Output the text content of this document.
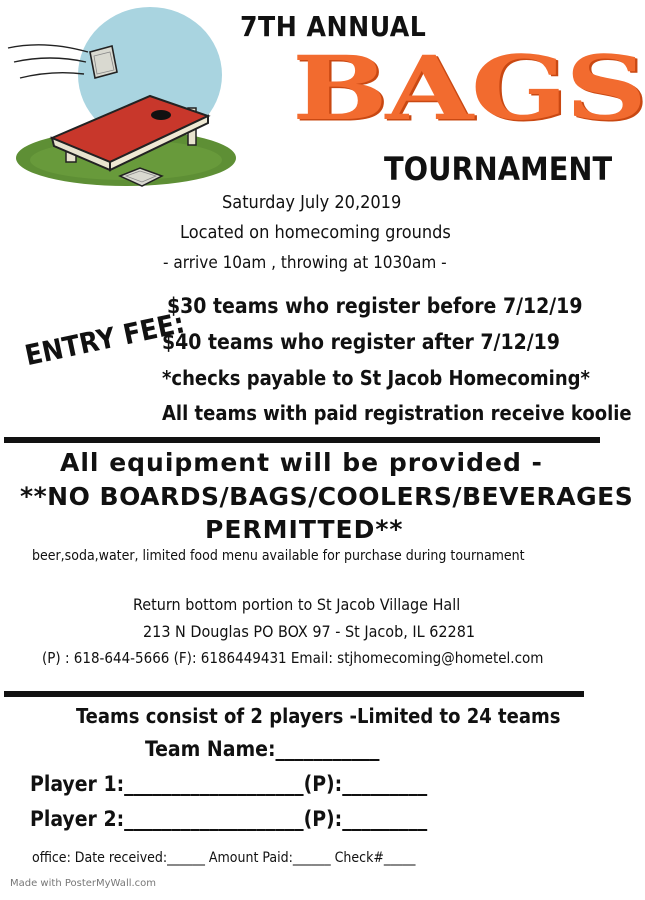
7TH ANNUAL
BAGS
TOURNAMENT
Saturday July 20,2019
Located on homecoming grounds
- arrive 10am , throwing at 1030am -
ENTRY FEE:
$30 teams who register before 7/12/19
$40 teams who register after 7/12/19
*checks payable to St Jacob Homecoming*
All teams with paid registration receive koolie
All equipment will be provided -
**NO BOARDS/BAGS/COOLERS/BEVERAGES
PERMITTED**
beer,soda,water, limited food menu available for purchase during tournament
Return bottom portion to St Jacob Village Hall
213 N Douglas PO BOX 97 - St Jacob, IL 62281
(P) : 618-644-5666 (F): 6186449431 Email: stjhomecoming@hometel.com
Teams consist of 2 players -Limited to 24 teams
Team Name:___________
Player 1:___________________(P):_________
Player 2:___________________(P):_________
office: Date received:______ Amount Paid:______ Check#_____
Made with PosterMyWall.com
